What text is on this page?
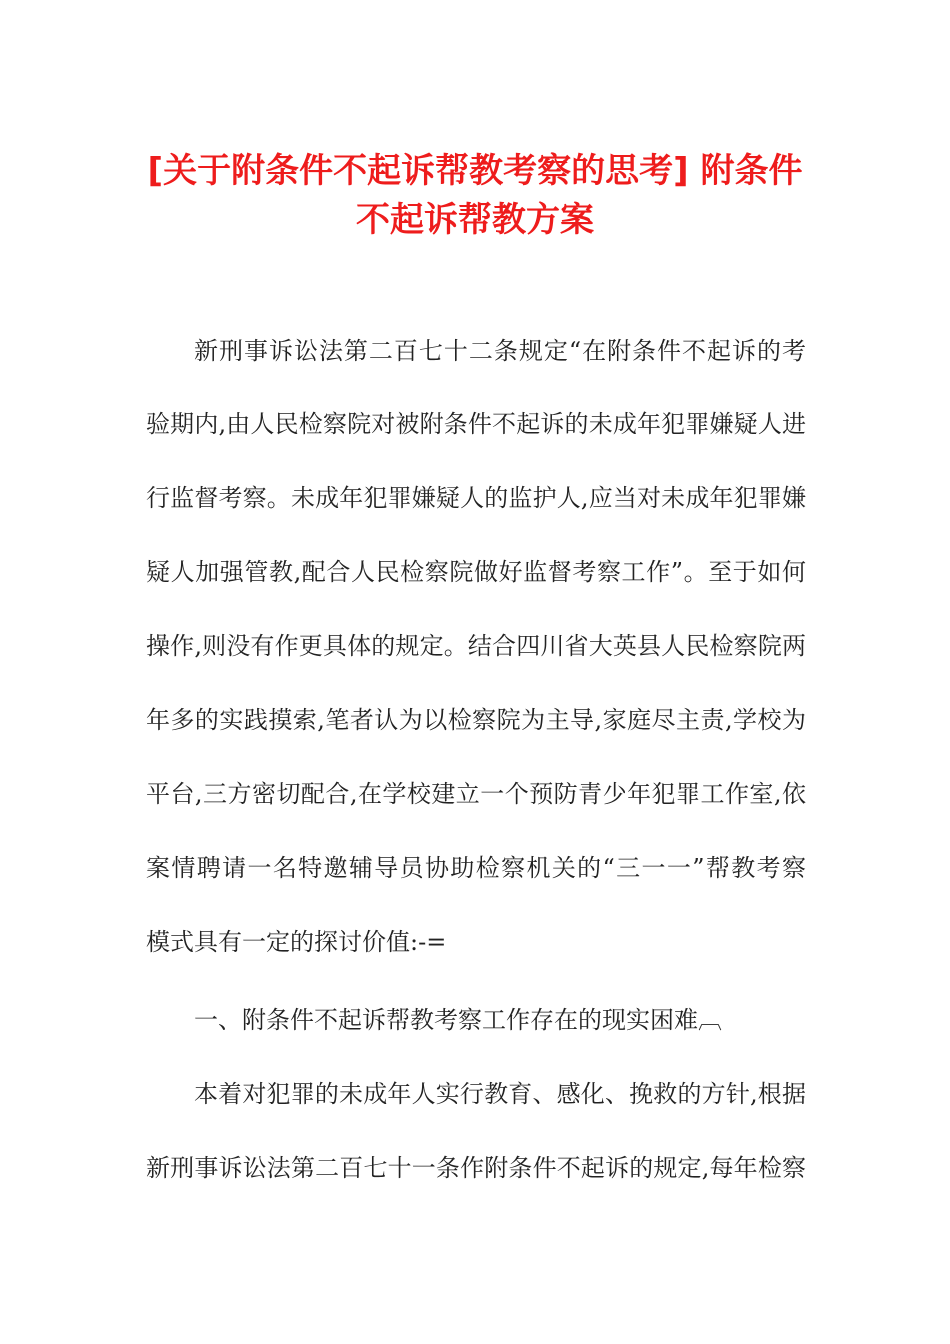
[关于附条件不起诉帮教考察的思考] 附条件
不起诉帮教方案
新刑事诉讼法第二百七十二条规定“在附条件不起诉的考
验期内,由人民检察院对被附条件不起诉的未成年犯罪嫌疑人进
行监督考察。未成年犯罪嫌疑人的监护人,应当对未成年犯罪嫌
疑人加强管教,配合人民检察院做好监督考察工作”。至于如何
操作,则没有作更具体的规定。结合四川省大英县人民检察院两
年多的实践摸索,笔者认为以检察院为主导,家庭尽主责,学校为
平台,三方密切配合,在学校建立一个预防青少年犯罪工作室,依
案情聘请一名特邀辅导员协助检察机关的“三一一”帮教考察
模式具有一定的探讨价值:-=
一、附条件不起诉帮教考察工作存在的现实困难︹
本着对犯罪的未成年人实行教育、感化、挽救的方针,根据
新刑事诉讼法第二百七十一条作附条件不起诉的规定,每年检察
